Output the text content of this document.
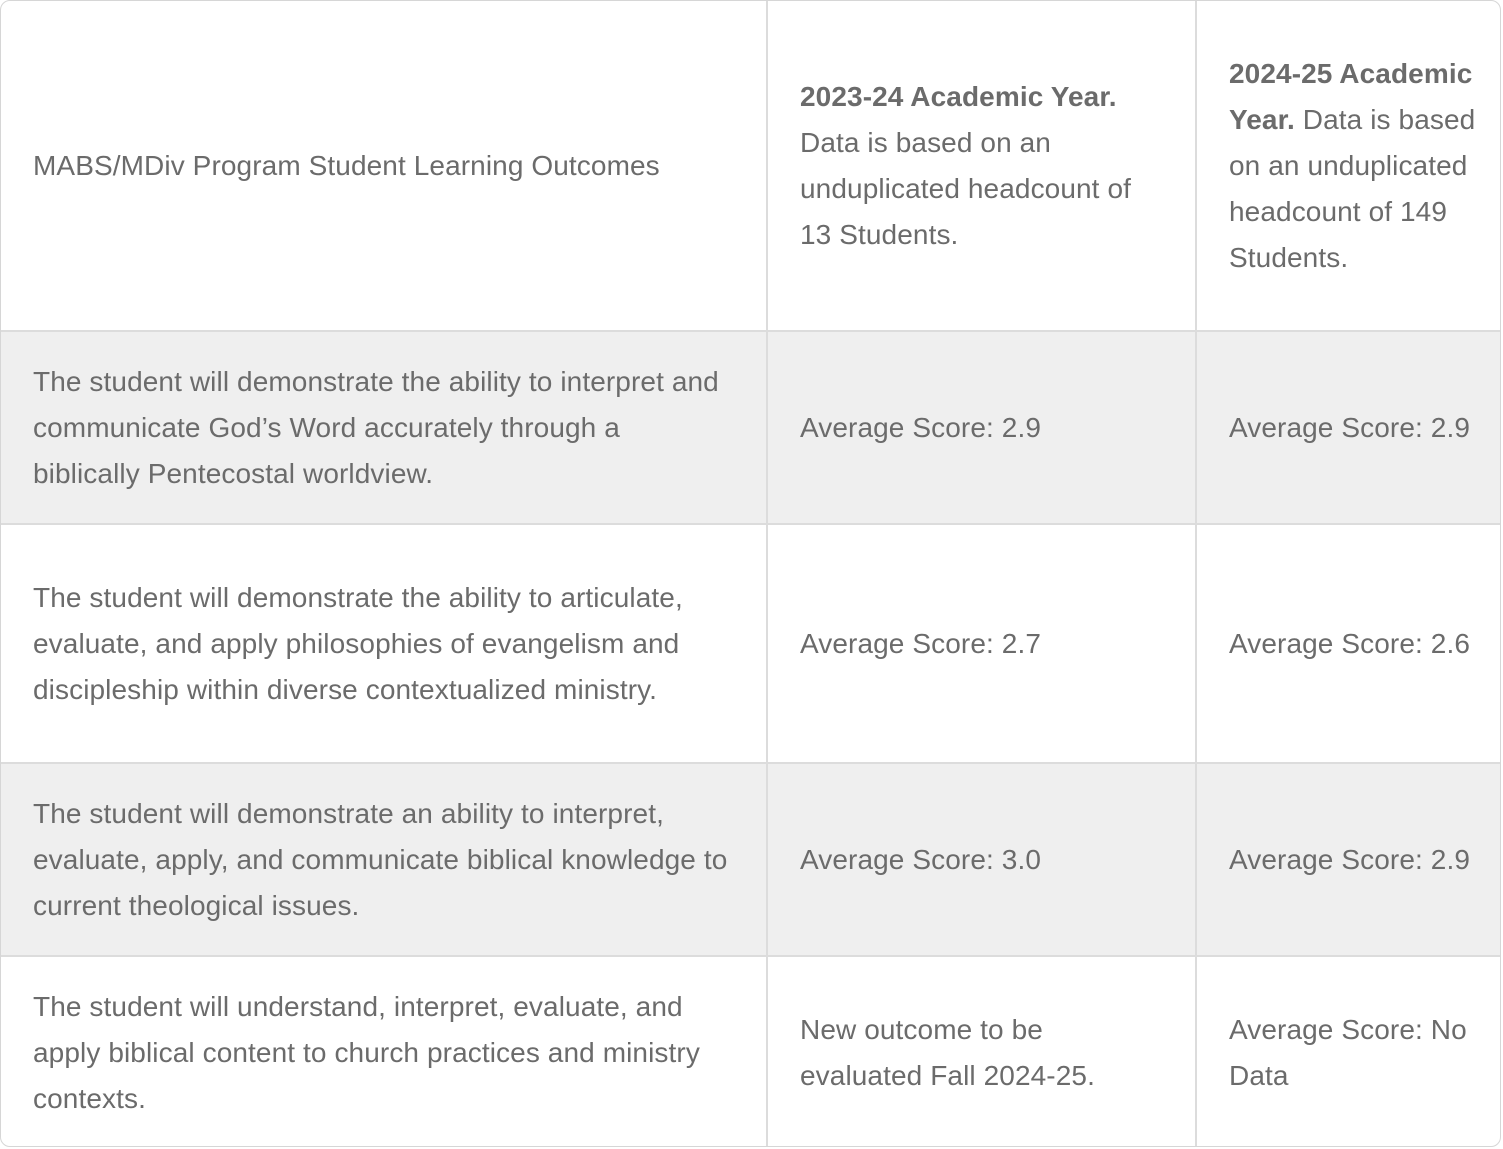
MABS/MDiv Program Student Learning Outcomes	2023-24 Academic Year. Data is based on an unduplicated headcount of 13 Students.	2024-25 Academic Year. Data is based on an unduplicated headcount of 149 Students.
The student will demonstrate the ability to interpret and communicate God’s Word accurately through a biblically Pentecostal worldview.	Average Score: 2.9	Average Score: 2.9
The student will demonstrate the ability to articulate, evaluate, and apply philosophies of evangelism and discipleship within diverse contextualized ministry.	Average Score: 2.7	Average Score: 2.6
The student will demonstrate an ability to interpret, evaluate, apply, and communicate biblical knowledge to current theological issues.	Average Score: 3.0	Average Score: 2.9
The student will understand, interpret, evaluate, and apply biblical content to church practices and ministry contexts.	New outcome to be evaluated Fall 2024-25.	Average Score: No Data
